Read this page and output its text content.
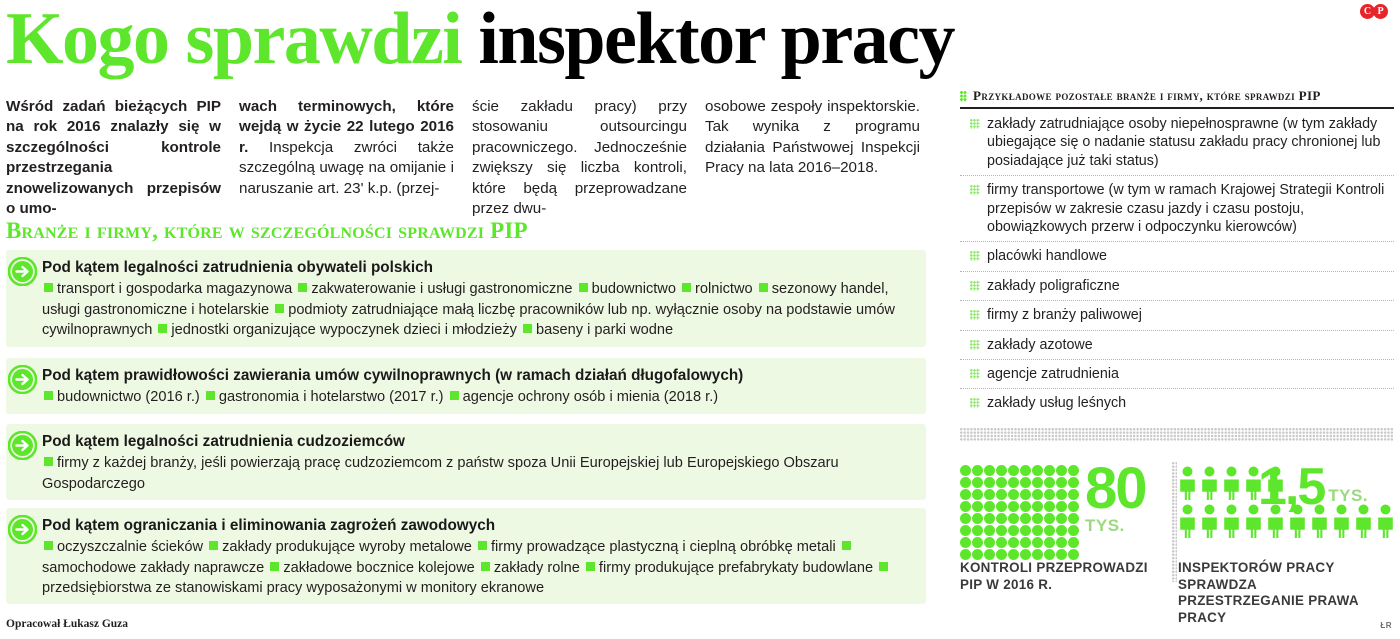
Kogo sprawdzi inspektor pracy	C P
Wśród zadań bieżących PIP na rok 2016 znalazły się w szczególności kontrole przestrzegania znowelizowanych przepisów o umo-
wach terminowych, które wejdą w życie 22 lutego 2016 r. Inspekcja zwróci także szczególną uwagę na omijanie i naruszanie art. 23' k.p. (przej-
ście zakładu pracy) przy stosowaniu outsourcingu pracowniczego. Jednocześnie zwiększy się liczba kontroli, które będą przeprowadzane przez dwu-
osobowe zespoły inspektorskie. Tak wynika z programu działania Państwowej Inspekcji Pracy na lata 2016–2018.
Branże i firmy, które w szczególności sprawdzi PIP
Pod kątem legalności zatrudnienia obywateli polskich
transport i gospodarka magazynowa zakwaterowanie i usługi gastronomiczne budownictwo rolnictwo sezonowy handel, usługi gastronomiczne i hotelarskie podmioty zatrudniające małą liczbę pracowników lub np. wyłącznie osoby na podstawie umów cywilnoprawnych jednostki organizujące wypoczynek dzieci i młodzieży baseny i parki wodne
Pod kątem prawidłowości zawierania umów cywilnoprawnych (w ramach działań długofalowych)
budownictwo (2016 r.) gastronomia i hotelarstwo (2017 r.) agencje ochrony osób i mienia (2018 r.)
Pod kątem legalności zatrudnienia cudzoziemców
firmy z każdej branży, jeśli powierzają pracę cudzoziemcom z państw spoza Unii Europejskiej lub Europejskiego Obszaru Gospodarczego
Pod kątem ograniczania i eliminowania zagrożeń zawodowych
oczyszczalnie ścieków zakłady produkujące wyroby metalowe firmy prowadzące plastyczną i cieplną obróbkę metali samochodowe zakłady naprawcze zakładowe bocznice kolejowe zakłady rolne firmy produkujące prefabrykaty budowlane przedsiębiorstwa ze stanowiskami pracy wyposażonymi w monitory ekranowe
Przykładowe pozostałe branże i firmy, które sprawdzi PIP
zakłady zatrudniające osoby niepełnosprawne (w tym zakłady ubiegające się o nadanie statusu zakładu pracy chronionej lub posiadające już taki status)
firmy transportowe (w tym w ramach Krajowej Strategii Kontroli przepisów w zakresie czasu jazdy i czasu postoju, obowiązkowych przerw i odpoczynku kierowców)
placówki handlowe
zakłady poligraficzne
firmy z branży paliwowej
zakłady azotowe
agencje zatrudnienia
zakłady usług leśnych
80
TYS.
KONTROLI PRZEPROWADZI PIP W 2016 R.
INSPEKTORÓW PRACY SPRAWDZA PRZESTRZEGANIE PRAWA PRACY
1,5 TYS.
Opracował Łukasz Guza	ŁR
